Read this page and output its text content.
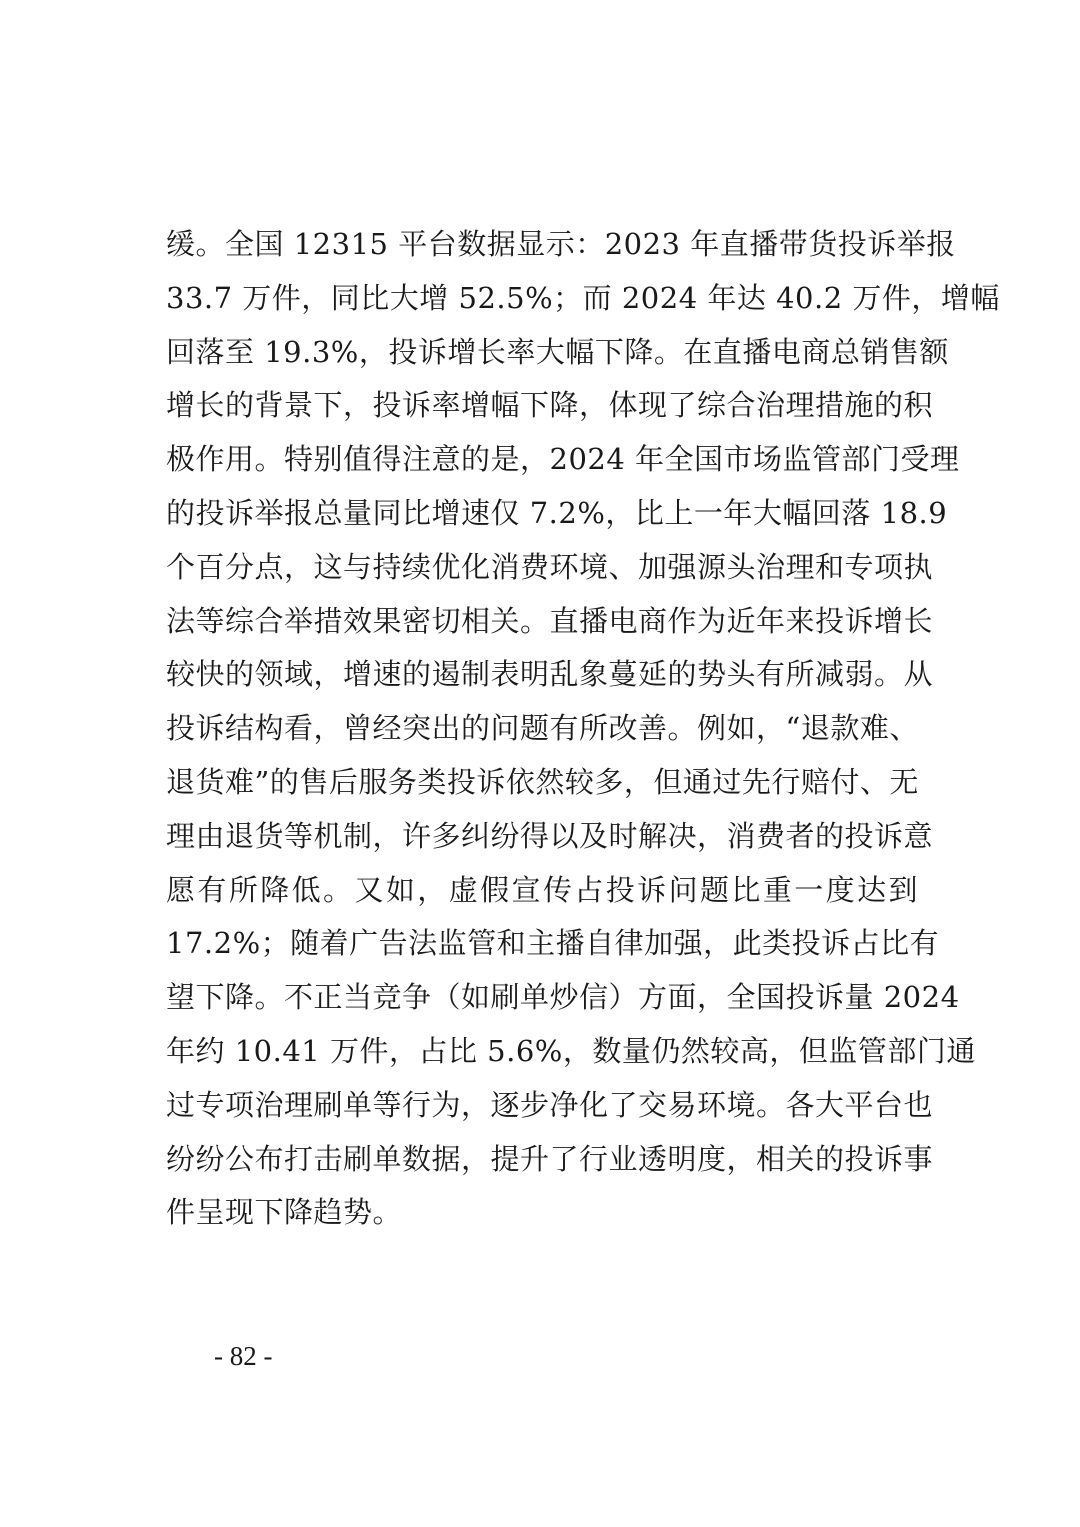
缓。全国 12315 平台数据显示：2023 年直播带货投诉举报
33.7 万件，同比大增 52.5%；而 2024 年达 40.2 万件，增幅
回落至 19.3%，投诉增长率大幅下降。在直播电商总销售额
增长的背景下，投诉率增幅下降，体现了综合治理措施的积
极作用。特别值得注意的是，2024 年全国市场监管部门受理
的投诉举报总量同比增速仅 7.2%，比上一年大幅回落 18.9
个百分点，这与持续优化消费环境、加强源头治理和专项执
法等综合举措效果密切相关。直播电商作为近年来投诉增长
较快的领域，增速的遏制表明乱象蔓延的势头有所减弱。从
投诉结构看，曾经突出的问题有所改善。例如，“退款难、
退货难”的售后服务类投诉依然较多，但通过先行赔付、无
理由退货等机制，许多纠纷得以及时解决，消费者的投诉意
愿有所降低。又如，虚假宣传占投诉问题比重一度达到
17.2%；随着广告法监管和主播自律加强，此类投诉占比有
望下降。不正当竞争（如刷单炒信）方面，全国投诉量 2024
年约 10.41 万件，占比 5.6%，数量仍然较高，但监管部门通
过专项治理刷单等行为，逐步净化了交易环境。各大平台也
纷纷公布打击刷单数据，提升了行业透明度，相关的投诉事
件呈现下降趋势。
- 82 -
